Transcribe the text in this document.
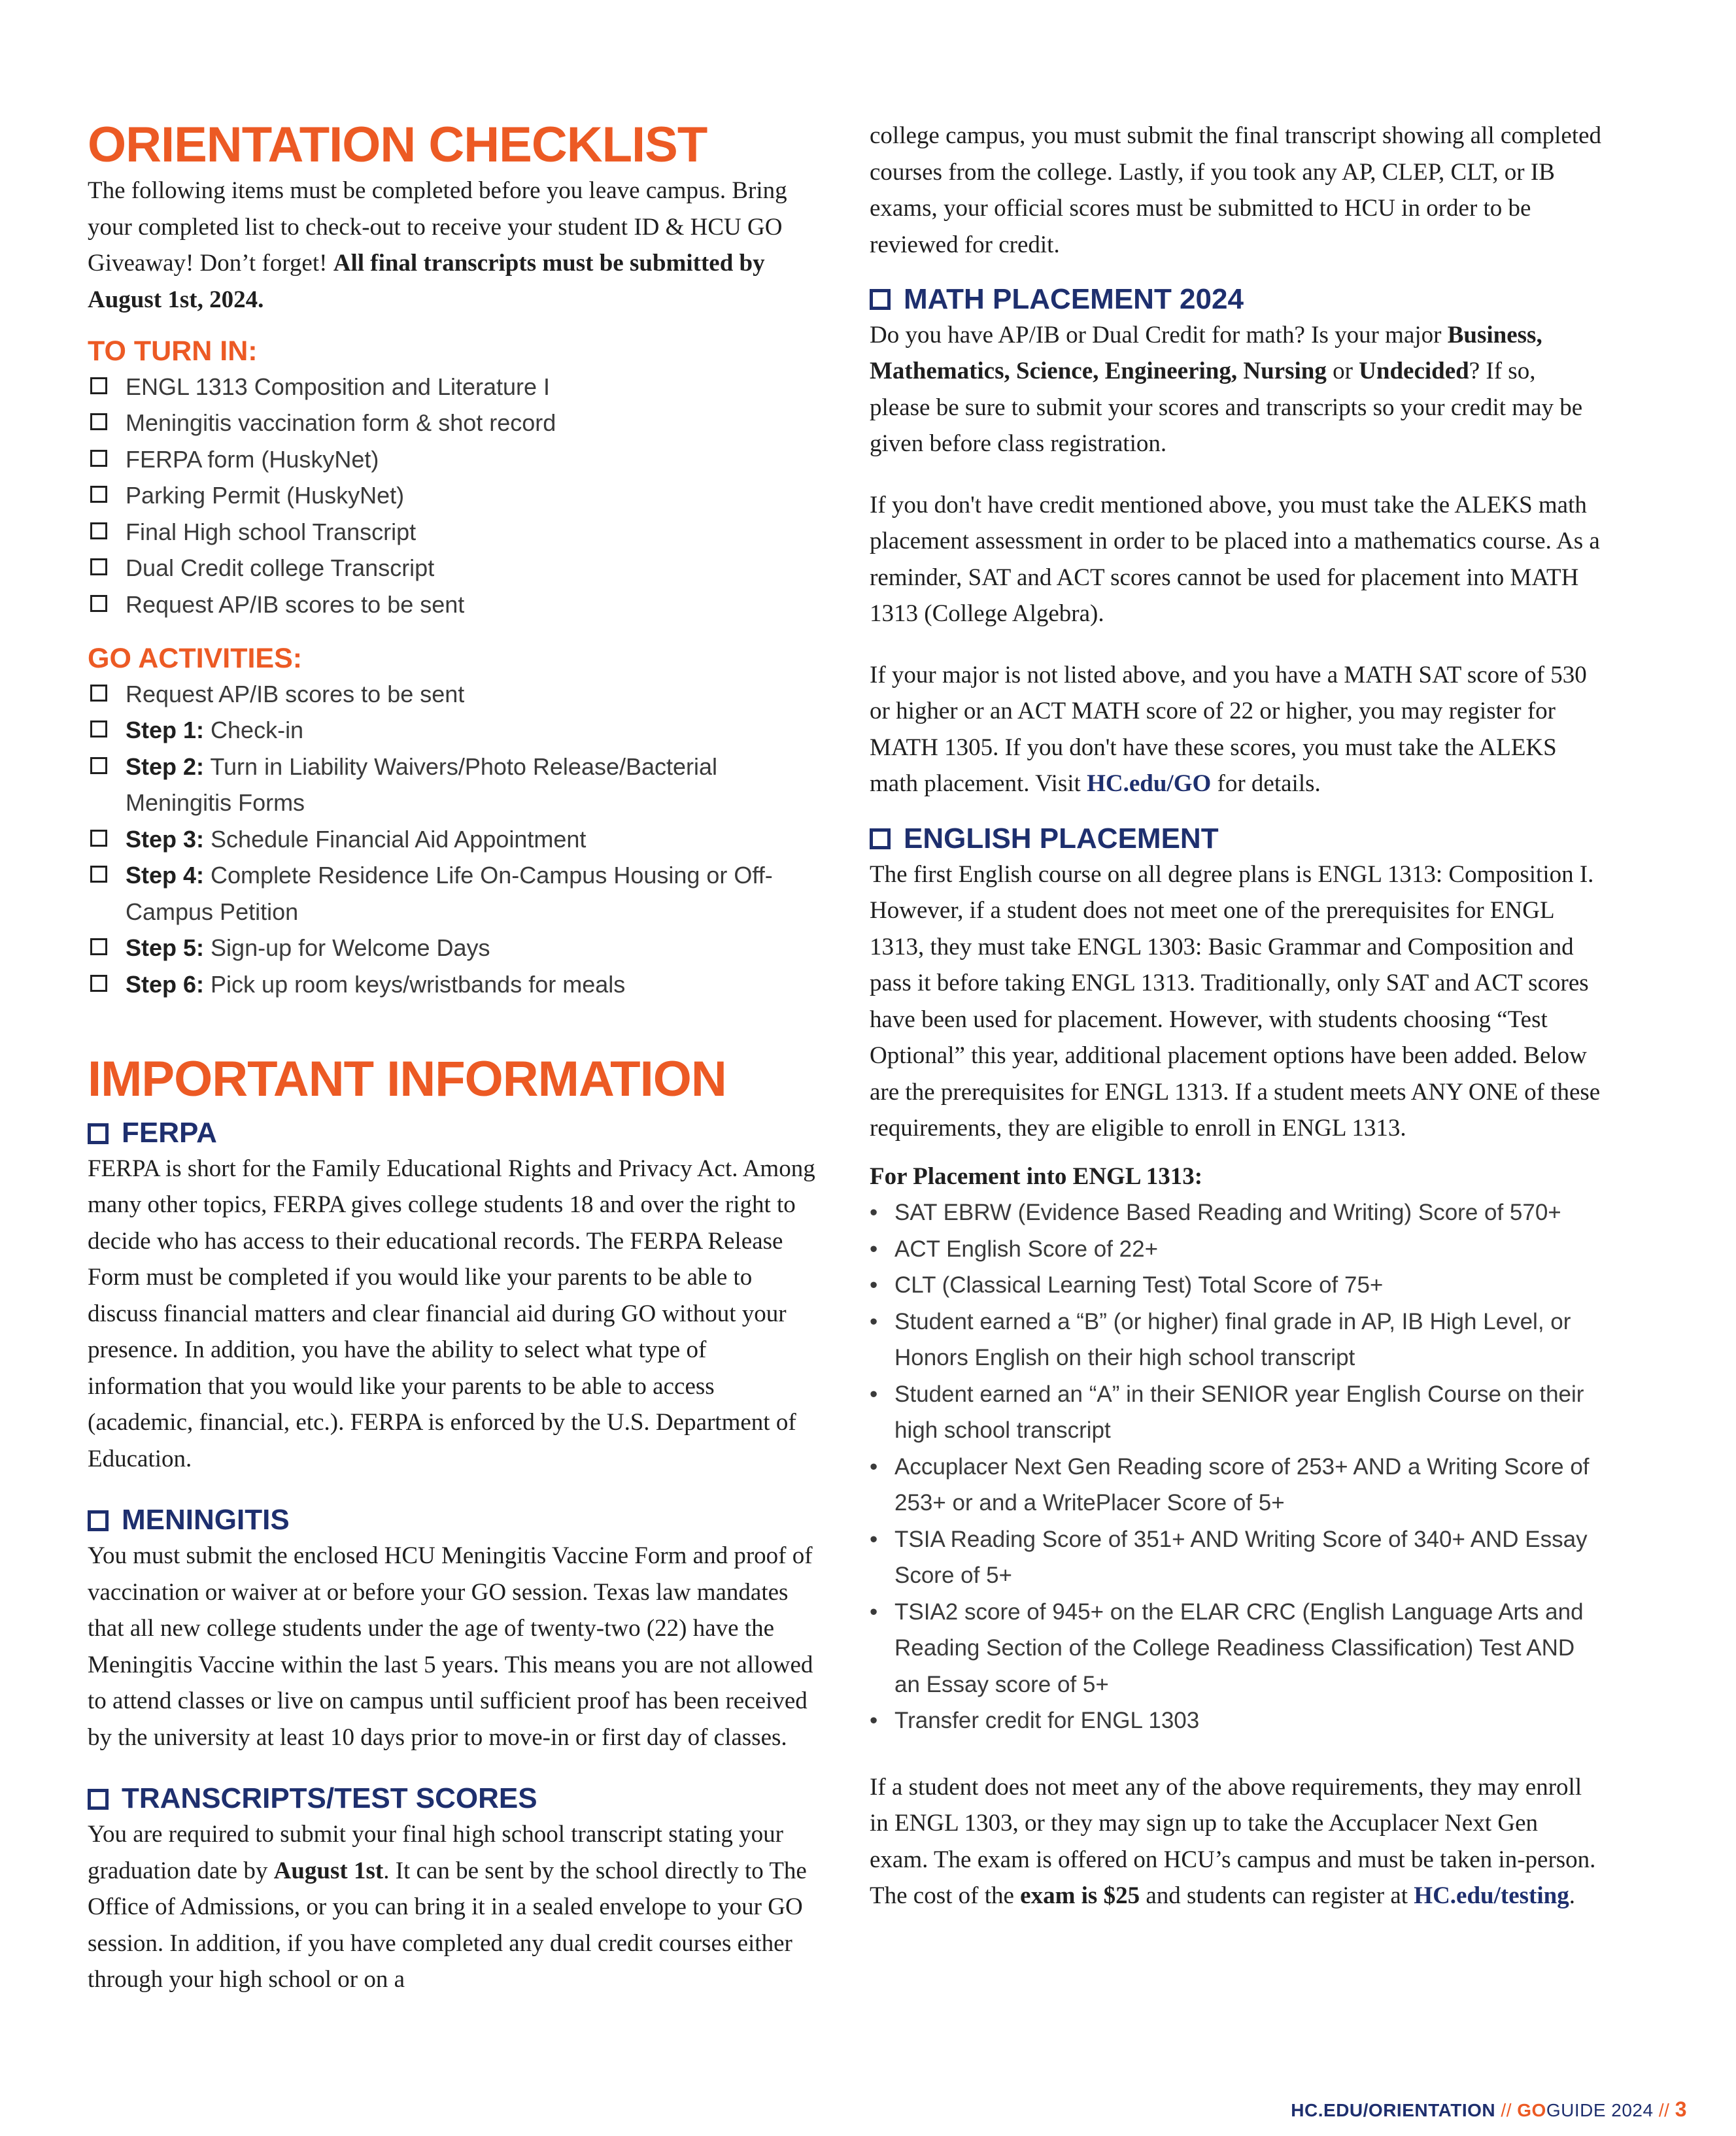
ORIENTATION CHECKLIST

The following items must be completed before you leave campus. Bring your completed list to check-out to receive your student ID & HCU GO Giveaway! Don’t forget! All final transcripts must be submitted by August 1st, 2024.

TO TURN IN:
ENGL 1313 Composition and Literature I
Meningitis vaccination form & shot record
FERPA form (HuskyNet)
Parking Permit (HuskyNet)
Final High school Transcript
Dual Credit college Transcript
Request AP/IB scores to be sent
GO ACTIVITIES:
Request AP/IB scores to be sent
Step 1: Check-in
Step 2: Turn in Liability Waivers/Photo Release/Bacterial Meningitis Forms
Step 3: Schedule Financial Aid Appointment
Step 4: Complete Residence Life On-Campus Housing or Off-Campus Petition
Step 5: Sign-up for Welcome Days
Step 6: Pick up room keys/wristbands for meals
IMPORTANT INFORMATION
FERPA

FERPA is short for the Family Educational Rights and Privacy Act. Among many other topics, FERPA gives college students 18 and over the right to decide who has access to their educational records. The FERPA Release Form must be completed if you would like your parents to be able to discuss financial matters and clear financial aid during GO without your presence. In addition, you have the ability to select what type of information that you would like your parents to be able to access (academic, financial, etc.). FERPA is enforced by the U.S. Department of Education.

MENINGITIS

You must submit the enclosed HCU Meningitis Vaccine Form and proof of vaccination or waiver at or before your GO session. Texas law mandates that all new college students under the age of twenty-two (22) have the Meningitis Vaccine within the last 5 years. This means you are not allowed to attend classes or live on campus until sufficient proof has been received by the university at least 10 days prior to move-in or first day of classes.

TRANSCRIPTS/TEST SCORES

You are required to submit your final high school transcript stating your graduation date by August 1st. It can be sent by the school directly to The Office of Admissions, or you can bring it in a sealed envelope to your GO session. In addition, if you have completed any dual credit courses either through your high school or on a

college campus, you must submit the final transcript showing all completed courses from the college. Lastly, if you took any AP, CLEP, CLT, or IB exams, your official scores must be submitted to HCU in order to be reviewed for credit.

MATH PLACEMENT 2024

Do you have AP/IB or Dual Credit for math? Is your major Business, Mathematics, Science, Engineering, Nursing or Undecided? If so, please be sure to submit your scores and transcripts so your credit may be given before class registration.

If you don't have credit mentioned above, you must take the ALEKS math placement assessment in order to be placed into a mathematics course. As a reminder, SAT and ACT scores cannot be used for placement into MATH 1313 (College Algebra).

If your major is not listed above, and you have a MATH SAT score of 530 or higher or an ACT MATH score of 22 or higher, you may register for MATH 1305. If you don't have these scores, you must take the ALEKS math placement. Visit HC.edu/GO for details.

ENGLISH PLACEMENT

The first English course on all degree plans is ENGL 1313: Composition I. However, if a student does not meet one of the prerequisites for ENGL 1313, they must take ENGL 1303: Basic Grammar and Composition and pass it before taking ENGL 1313. Traditionally, only SAT and ACT scores have been used for placement. However, with students choosing “Test Optional” this year, additional placement options have been added. Below are the prerequisites for ENGL 1313. If a student meets ANY ONE of these requirements, they are eligible to enroll in ENGL 1313.

For Placement into ENGL 1313:

• SAT EBRW (Evidence Based Reading and Writing) Score of 570+
• ACT English Score of 22+
• CLT (Classical Learning Test) Total Score of 75+
• Student earned a “B” (or higher) final grade in AP, IB High Level, or Honors English on their high school transcript
• Student earned an “A” in their SENIOR year English Course on their high school transcript
• Accuplacer Next Gen Reading score of 253+ AND a Writing Score of 253+ or and a WritePlacer Score of 5+
• TSIA Reading Score of 351+ AND Writing Score of 340+ AND Essay Score of 5+
• TSIA2 score of 945+ on the ELAR CRC (English Language Arts and Reading Section of the College Readiness Classification) Test AND an Essay score of 5+
• Transfer credit for ENGL 1303

If a student does not meet any of the above requirements, they may enroll in ENGL 1303, or they may sign up to take the Accuplacer Next Gen exam. The exam is offered on HCU’s campus and must be taken in-person. The cost of the exam is $25 and students can register at HC.edu/testing.

HC.EDU/ORIENTATION // GOGUIDE 2024 // 3
